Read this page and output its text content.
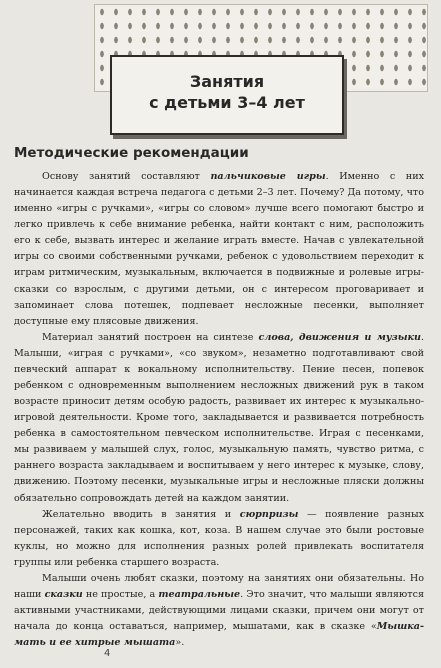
Занятия
с детьми 3–4 лет
Методические рекомендации

Основу занятий составляют пальчиковые игры. Именно с них начинается каждая встреча педагога с детьми 2–3 лет. Почему? Да потому, что именно «игры с ручками», «игры со словом» лучше всего помогают быстро и легко привлечь к себе внимание ребенка, найти контакт с ним, расположить его к себе, вызвать интерес и желание играть вместе. Начав с увлекательной игры со своими собственными ручками, ребенок с удовольствием переходит к играм ритмическим, музыкальным, включается в подвижные и ролевые игры-сказки со взрослым, с другими детьми, он с интересом проговаривает и запоминает слова потешек, подпевает несложные песенки, выполняет доступные ему плясовые движения.

Материал занятий построен на синтезе слова, движения и музыки. Малыши, «играя с ручками», «со звуком», незаметно подготавливают свой певческий аппарат к вокальному исполнительству. Пение песен, попевок ребенком с одновременным выполнением несложных движений рук в таком возрасте приносит детям особую радость, развивает их интерес к музыкально-игровой деятельности. Кроме того, закладывается и развивается потребность ребенка в самостоятельном певческом исполнительстве. Играя с песенками, мы развиваем у малышей слух, голос, музыкальную память, чувство ритма, с раннего возраста закладываем и воспитываем у него интерес к музыке, слову, движению. Поэтому песенки, музыкальные игры и несложные пляски должны обязательно сопровождать детей на каждом занятии.

Желательно вводить в занятия и сюрпризы — появление разных персонажей, таких как кошка, кот, коза. В нашем случае это были ростовые куклы, но можно для исполнения разных ролей привлекать воспитателя группы или ребенка старшего возраста.

Малыши очень любят сказки, поэтому на занятиях они обязательны. Но наши сказки не простые, а театральные. Это значит, что малыши являются активными участниками, действующими лицами сказки, причем они могут от начала до конца оставаться, например, мышатами, как в сказке «Мышка-мать и ее хитрые мышата».

4
